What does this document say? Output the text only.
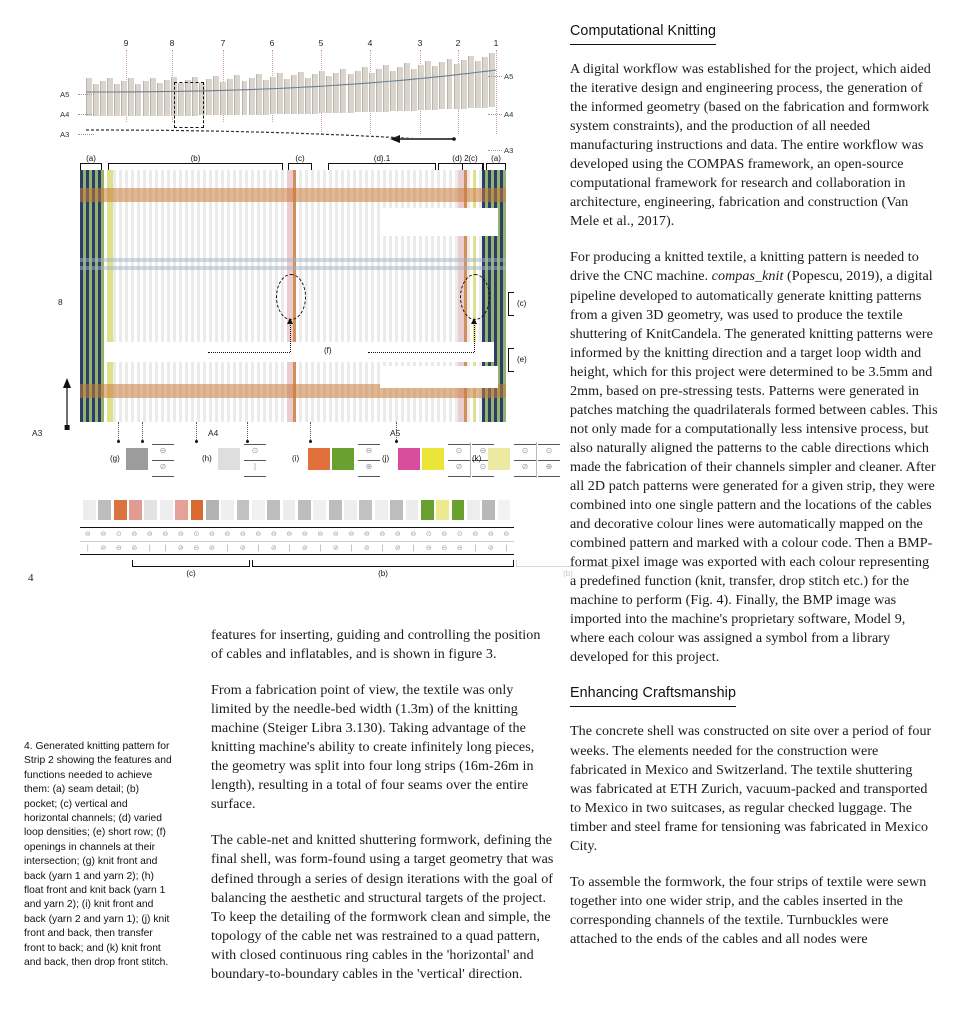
4
9	8	7	6	5	4	3	2	1
A5
A4
A3
A5
A4
A3
(a)	(b)	(c)	(d).1	(d) 2 (c) (a)
(f)
(c)
(e)
A3	A4	A5
8
(g)
⊖
⊘
(h)
⊙
|
(i)
⊖
⊕
(j)
⊙
⊘
⊖
⊙
(k)
⊙
⊘
⊙
⊕
⊖
|
⊖
⊘
⊙
⊖
⊖
⊘
⊖
|
⊖
|
⊖
⊘
⊙
⊖
⊖
⊘
⊖
|
⊖
⊘
⊖
|
⊖
⊘
⊖
|
⊖
⊘
⊖
|
⊖
⊘
⊖
|
⊖
⊘
⊖
|
⊖
⊘
⊖
|
⊙
⊖
⊖
⊖
⊙
⊖
⊖
|
⊖
⊘
⊖
|
(c)	(b)	(b)
Computational Knitting

A digital workflow was established for the project, which aided the iterative design and engineering process, the generation of the informed geometry (based on the fabrication and formwork system constraints), and the production of all needed manufacturing instructions and data. The entire workflow was developed using the COMPAS framework, an open-source computational framework for research and collaboration in architecture, engineering, fabrication and construction (Van Mele et al., 2017).

For producing a knitted textile, a knitting pattern is needed to drive the CNC machine. compas_knit (Popescu, 2019), a digital pipeline developed to automatically generate knitting patterns from a given 3D geometry, was used to produce the textile shuttering of KnitCandela. The generated knitting patterns were informed by the knitting direction and a target loop width and height, which for this project were determined to be 3.5mm and 2mm, based on pre-stressing tests. Patterns were generated in patches matching the quadrilaterals formed between cables. This not only made for a computationally less intensive process, but also naturally aligned the patterns to the cable directions which made the fabrication of their channels simpler and cleaner. After all 2D patch patterns were generated for a given strip, they were combined into one single pattern and the locations of the cables and decorative colour lines were automatically mapped on the combined pattern and marked with a colour code. Then a BMP-format pixel image was exported with each colour representing a predefined function (knit, transfer, drop stitch etc.) for the machine to perform (Fig. 4). Finally, the BMP image was imported into the machine's proprietary software, Model 9, where each colour was assigned a symbol from a library developed for this project.

Enhancing Craftsmanship

The concrete shell was constructed on site over a period of four weeks. The elements needed for the construction were fabricated in Mexico and Switzerland. The textile shuttering was fabricated at ETH Zurich, vacuum-packed and transported to Mexico in two suitcases, as regular checked luggage. The timber and steel frame for tensioning was fabricated in Mexico City.

To assemble the formwork, the four strips of textile were sewn together into one wider strip, and the cables inserted in the corresponding channels of the textile. Turnbuckles were attached to the ends of the cables and all nodes were

features for inserting, guiding and controlling the position of cables and inflatables, and is shown in figure 3.

From a fabrication point of view, the textile was only limited by the needle-bed width (1.3m) of the knitting machine (Steiger Libra 3.130). Taking advantage of the knitting machine's ability to create infinitely long pieces, the geometry was split into four long strips (16m-26m in length), resulting in a total of four seams over the entire surface.

The cable-net and knitted shuttering formwork, defining the final shell, was form-found using a target geometry that was defined through a series of design iterations with the goal of balancing the aesthetic and structural targets of the project. To keep the detailing of the formwork clean and simple, the topology of the cable net was restrained to a quad pattern, with closed continuous ring cables in the 'horizontal' and boundary-to-boundary cables in the 'vertical' direction.

4. Generated knitting pattern for Strip 2 showing the features and functions needed to achieve them: (a) seam detail; (b) pocket; (c) vertical and horizontal channels; (d) varied loop densities; (e) short row; (f) openings in channels at their intersection; (g) knit front and back (yarn 1 and yarn 2); (h) float front and knit back (yarn 1 and yarn 2); (i) knit front and back (yarn 2 and yarn 1); (j) knit front and back, then transfer front to back; and (k) knit front and back, then drop front stitch.
